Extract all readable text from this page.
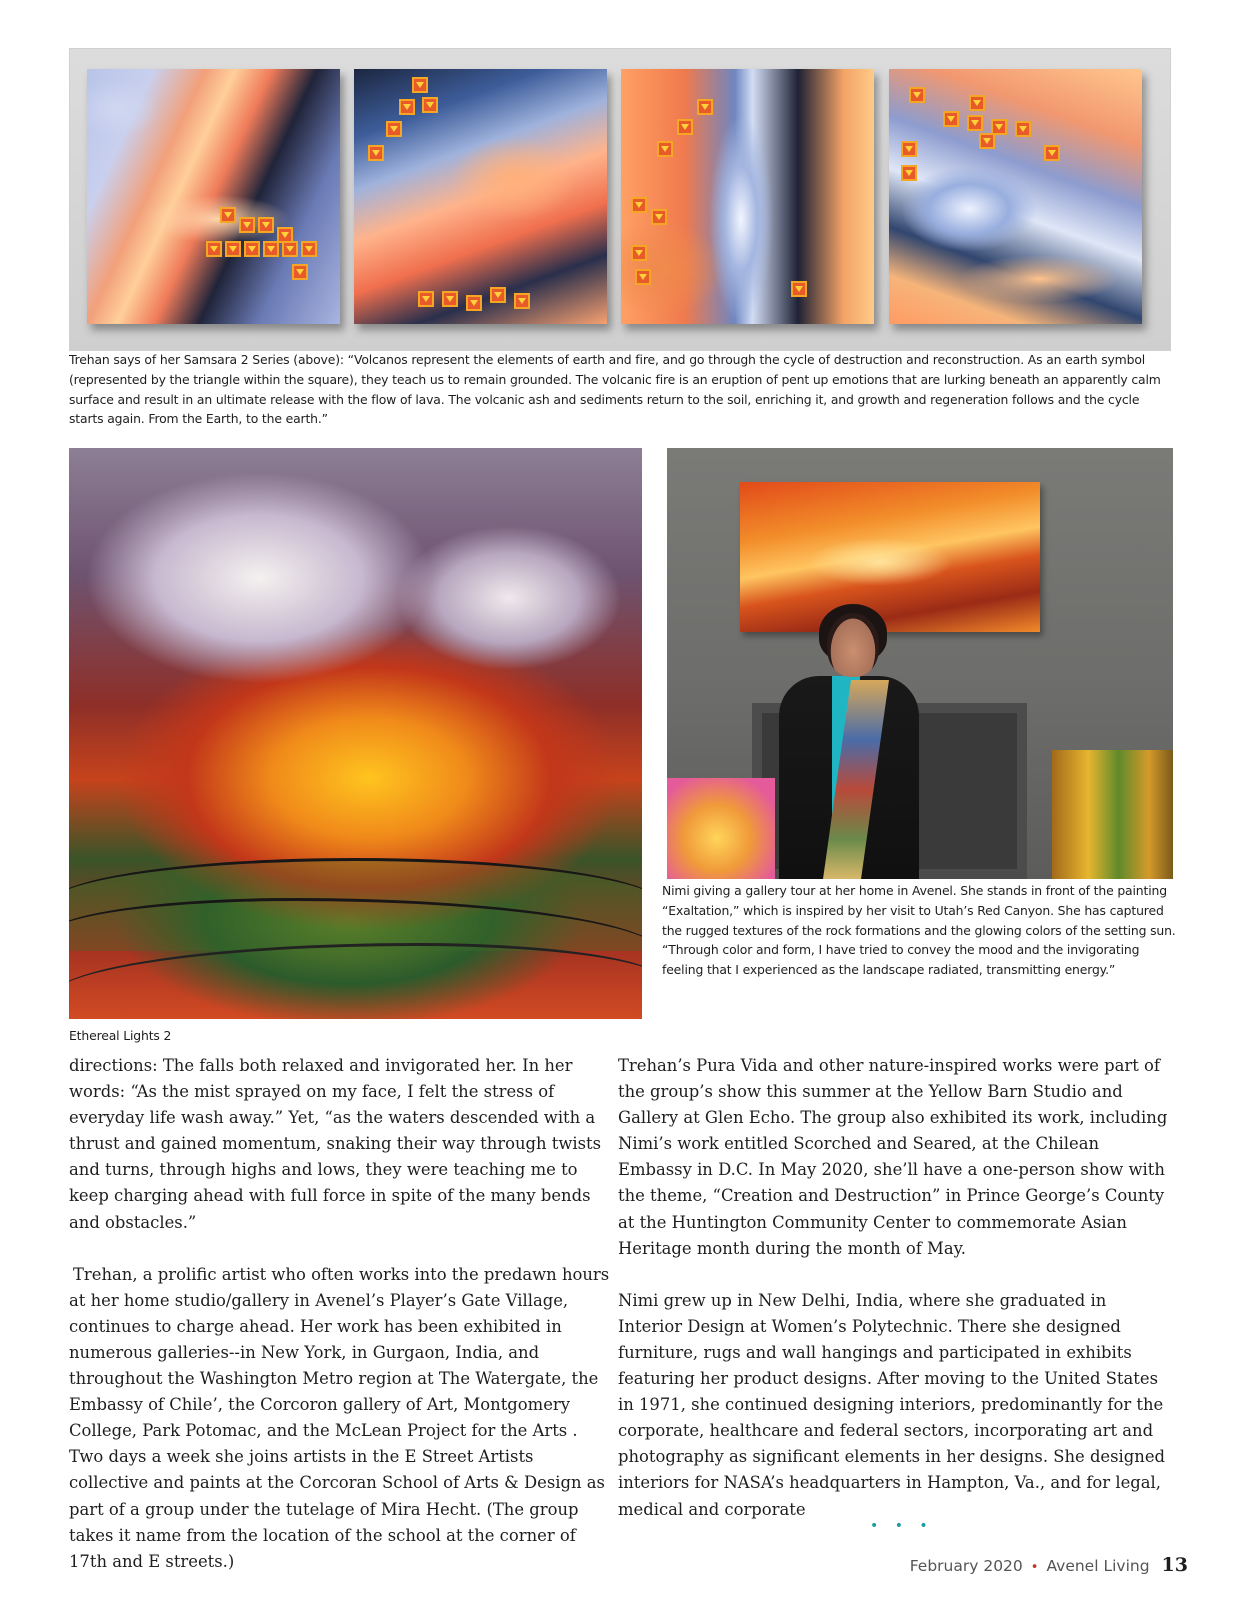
Trehan says of her Samsara 2 Series (above): “Volcanos represent the elements of earth and fire, and go through the cycle of destruction and reconstruction. As an earth symbol (represented by the triangle within the square), they teach us to remain grounded. The volcanic fire is an eruption of pent up emotions that are lurking beneath an apparently calm surface and result in an ultimate release with the flow of lava. The volcanic ash and sediments return to the soil, enriching it, and growth and regeneration follows and the cycle starts again. From the Earth, to the earth.”
Ethereal Lights 2
Nimi giving a gallery tour at her home in Avenel. She stands in front of the painting “Exaltation,” which is inspired by her visit to Utah’s Red Canyon. She has captured the rugged textures of the rock formations and the glowing colors of the setting sun. “Through color and form, I have tried to convey the mood and the invigorating feeling that I experienced as the landscape radiated, transmitting energy.”

directions: The falls both relaxed and invigorated her. In her words: “As the mist sprayed on my face, I felt the stress of everyday life wash away.” Yet, “as the waters descended with a thrust and gained momentum, snaking their way through twists and turns, through highs and lows, they were teaching me to keep charging ahead with full force in spite of the many bends and obstacles.”

Trehan, a prolific artist who often works into the predawn hours at her home studio/gallery in Avenel’s Player’s Gate Village, continues to charge ahead. Her work has been exhibited in numerous galleries--in New York, in Gurgaon, India, and throughout the Washington Metro region at The Watergate, the Embassy of Chile’, the Corcoron gallery of Art, Montgomery College, Park Potomac, and the McLean Project for the Arts . Two days a week she joins artists in the E Street Artists collective and paints at the Corcoran School of Arts & Design as part of a group under the tutelage of Mira Hecht. (The group takes it name from the location of the school at the corner of 17th and E streets.)

Trehan’s Pura Vida and other nature-inspired works were part of the group’s show this summer at the Yellow Barn Studio and Gallery at Glen Echo. The group also exhibited its work, including Nimi’s work entitled Scorched and Seared, at the Chilean Embassy in D.C. In May 2020, she’ll have a one-person show with the theme, “Creation and Destruction” in Prince George’s County at the Huntington Community Center to commemorate Asian Heritage month during the month of May.

Nimi grew up in New Delhi, India, where she graduated in Interior Design at Women’s Polytechnic. There she designed furniture, rugs and wall hangings and participated in exhibits featuring her product designs. After moving to the United States in 1971, she continued designing interiors, predominantly for the corporate, healthcare and federal sectors, incorporating art and photography as significant elements in her designs. She designed interiors for NASA’s headquarters in Hampton, Va., and for legal, medical and corporate

• • •
February 2020 • Avenel Living 13
